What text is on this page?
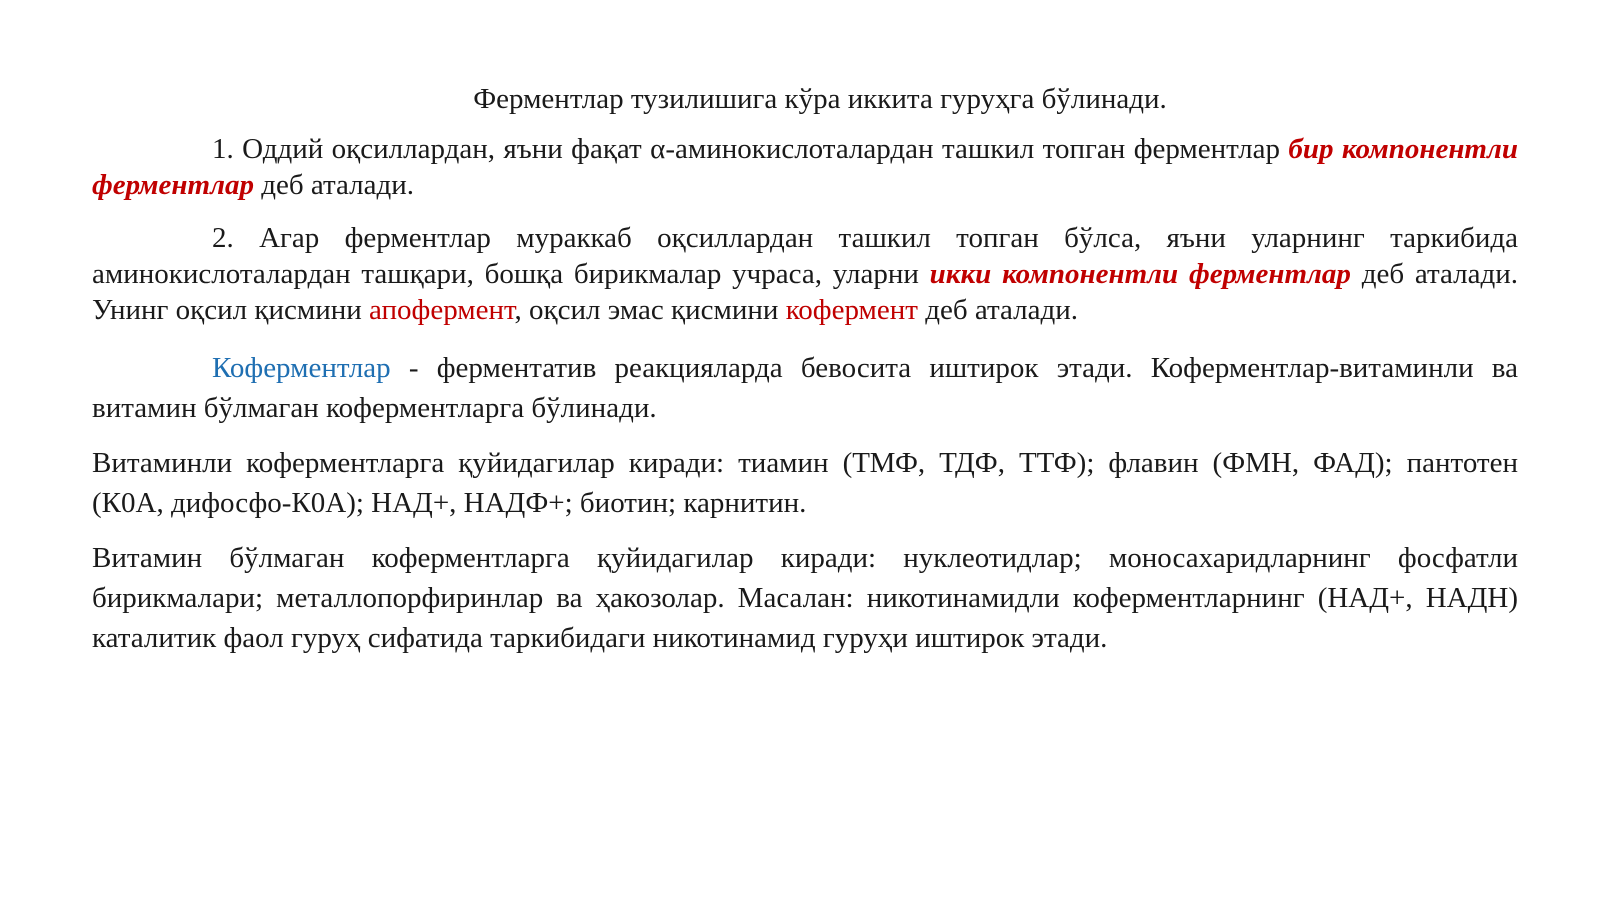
Ферментлар тузилишига кўра иккита гуруҳга бўлинади.

1. Оддий оқсиллардан, яъни фақат α-аминокислоталардан ташкил топган ферментлар бир компонентли ферментлар деб аталади.

2. Агар ферментлар мураккаб оқсиллардан ташкил топган бўлса, яъни уларнинг таркибида аминокислоталардан ташқари, бошқа бирикмалар учраса, уларни икки компонентли ферментлар деб аталади. Унинг оқсил қисмини апофермент, оқсил эмас қисмини кофермент деб аталади.

Коферментлар - ферментатив реакцияларда бевосита иштирок этади. Коферментлар-витаминли ва витамин бўлмаган коферментларга бўлинади.

Витаминли коферментларга қуйидагилар киради: тиамин (ТМФ, ТДФ, ТТФ); флавин (ФМН, ФАД); пантотен (К0А, дифосфо-К0А); НАД+, НАДФ+; биотин; карнитин.

Витамин бўлмаган коферментларга қуйидагилар киради: нуклеотидлар; моносахаридларнинг фосфатли бирикмалари; металлопорфиринлар ва ҳакозолар. Масалан: никотинамидли коферментларнинг (НАД+, НАДН) каталитик фаол гуруҳ сифатида таркибидаги никотинамид гуруҳи иштирок этади.
